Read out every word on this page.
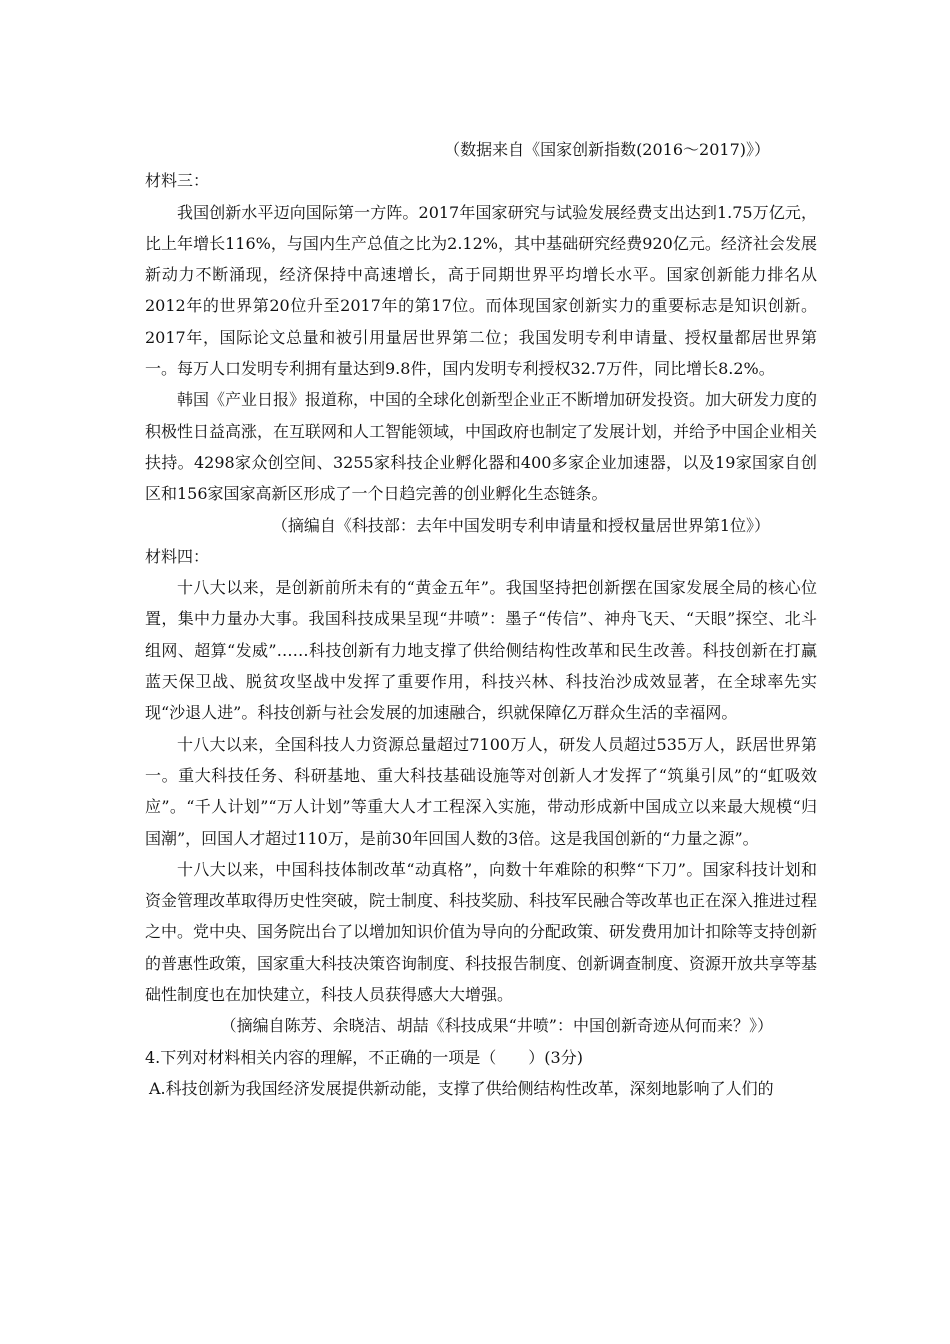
（数据来自《国家创新指数(2016～2017)》）

材料三：

我国创新水平迈向国际第一方阵。2017年国家研究与试验发展经费支出达到1.75万亿元，比上年增长116%，与国内生产总值之比为2.12%，其中基础研究经费920亿元。经济社会发展新动力不断涌现，经济保持中高速增长，高于同期世界平均增长水平。国家创新能力排名从2012年的世界第20位升至2017年的第17位。而体现国家创新实力的重要标志是知识创新。2017年，国际论文总量和被引用量居世界第二位；我国发明专利申请量、授权量都居世界第一。每万人口发明专利拥有量达到9.8件，国内发明专利授权32.7万件，同比增长8.2%。

韩国《产业日报》报道称，中国的全球化创新型企业正不断增加研发投资。加大研发力度的积极性日益高涨，在互联网和人工智能领域，中国政府也制定了发展计划，并给予中国企业相关扶持。4298家众创空间、3255家科技企业孵化器和400多家企业加速器，以及19家国家自创区和156家国家高新区形成了一个日趋完善的创业孵化生态链条。

（摘编自《科技部：去年中国发明专利申请量和授权量居世界第1位》）

材料四：

十八大以来，是创新前所未有的“黄金五年”。我国坚持把创新摆在国家发展全局的核心位置，集中力量办大事。我国科技成果呈现“井喷”：墨子“传信”、神舟飞天、“天眼”探空、北斗组网、超算“发威”……科技创新有力地支撑了供给侧结构性改革和民生改善。科技创新在打赢蓝天保卫战、脱贫攻坚战中发挥了重要作用，科技兴林、科技治沙成效显著，在全球率先实现“沙退人进”。科技创新与社会发展的加速融合，织就保障亿万群众生活的幸福网。

十八大以来，全国科技人力资源总量超过7100万人，研发人员超过535万人，跃居世界第一。重大科技任务、科研基地、重大科技基础设施等对创新人才发挥了“筑巢引凤”的“虹吸效应”。“千人计划”“万人计划”等重大人才工程深入实施，带动形成新中国成立以来最大规模“归国潮”，回国人才超过110万，是前30年回国人数的3倍。这是我国创新的“力量之源”。

十八大以来，中国科技体制改革“动真格”，向数十年难除的积弊“下刀”。国家科技计划和资金管理改革取得历史性突破，院士制度、科技奖励、科技军民融合等改革也正在深入推进过程之中。党中央、国务院出台了以增加知识价值为导向的分配政策、研发费用加计扣除等支持创新的普惠性政策，国家重大科技决策咨询制度、科技报告制度、创新调查制度、资源开放共享等基础性制度也在加快建立，科技人员获得感大大增强。

（摘编自陈芳、余晓洁、胡喆《科技成果“井喷”：中国创新奇迹从何而来？》）

4.下列对材料相关内容的理解，不正确的一项是（　　）(3分)

A.科技创新为我国经济发展提供新动能，支撑了供给侧结构性改革，深刻地影响了人们的
